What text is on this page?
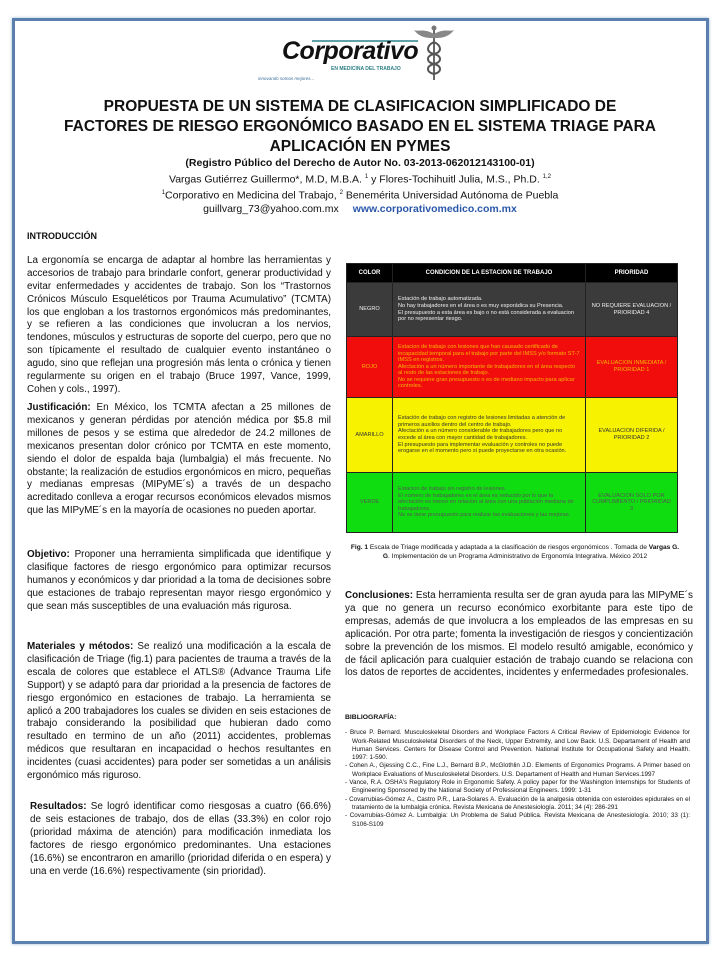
Corporativo
EN MEDICINA DEL TRABAJO
innovando somos mejores...
PROPUESTA DE UN SISTEMA DE CLASIFICACION SIMPLIFICADO DE
FACTORES DE RIESGO ERGONÓMICO BASADO EN EL SISTEMA TRIAGE PARA
APLICACIÓN EN PYMES
(Registro Público del Derecho de Autor No. 03-2013-062012143100-01)
Vargas Gutiérrez Guillermo*, M.D, M.B.A. $^1$ y Flores-Tochihuitl Julia, M.S., Ph.D. $^{1,2}$
$^1$Corporativo en Medicina del Trabajo, $^2$ Benemérita Universidad Autónoma de Puebla
guillvarg_73@yahoo.com.mx www.corporativomedico.com.mx
INTRODUCCIÓN
La ergonomía se encarga de adaptar al hombre las herramientas y accesorios de trabajo para brindarle confort, generar productividad y evitar enfermedades y accidentes de trabajo. Son los “Trastornos Crónicos Músculo Esqueléticos por Trauma Acumulativo” (TCMTA) los que engloban a los trastornos ergonómicos más predominantes, y se refieren a las condiciones que involucran a los nervios, tendones, músculos y estructuras de soporte del cuerpo, pero que no son típicamente el resultado de cualquier evento instantáneo o agudo, sino que reflejan una progresión más lenta o crónica y tienen regularmente su origen en el trabajo (Bruce 1997, Vance, 1999, Cohen y cols., 1997).
Justificación: En México, los TCMTA afectan a 25 millones de mexicanos y generan pérdidas por atención médica por $5.8 mil millones de pesos y se estima que alrededor de 24.2 millones de mexicanos presentan dolor crónico por TCMTA en este momento, siendo el dolor de espalda baja (lumbalgia) el más frecuente. No obstante; la realización de estudios ergonómicos en micro, pequeñas y medianas empresas (MIPyME´s) a través de un despacho acreditado conlleva a erogar recursos económicos elevados mismos que las MIPyME´s en la mayoría de ocasiones no pueden aportar.
Objetivo: Proponer una herramienta simplificada que identifique y clasifique factores de riesgo ergonómico para optimizar recursos humanos y económicos y dar prioridad a la toma de decisiones sobre que estaciones de trabajo representan mayor riesgo ergonómico y que sean más susceptibles de una evaluación más rigurosa.
Materiales y métodos: Se realizó una modificación a la escala de clasificación de Triage (fig.1) para pacientes de trauma a través de la escala de colores que establece el ATLS® (Advance Trauma Life Support) y se adaptó para dar prioridad a la presencia de factores de riesgo ergonómico en estaciones de trabajo. La herramienta se aplicó a 200 trabajadores los cuales se dividen en seis estaciones de trabajo considerando la posibilidad que hubieran dado como resultado en termino de un año (2011) accidentes, problemas médicos que resultaran en incapacidad o hechos resultantes en incidentes (cuasi accidentes) para poder ser sometidas a un análisis ergonómico más riguroso.
Resultados: Se logró identificar como riesgosas a cuatro (66.6%) de seis estaciones de trabajo, dos de ellas (33.3%) en color rojo (prioridad máxima de atención) para modificación inmediata los factores de riesgo ergonómico predominantes. Una estaciones (16.6%) se encontraron en amarillo (prioridad diferida o en espera) y una en verde (16.6%) respectivamente (sin prioridad).
COLOR	CONDICION DE LA ESTACION DE TRABAJO	PRIORIDAD
NEGRO	Estación de trabajo automatizada.
No hay trabajadores en el área o es muy esporádica su Presencia.
El presupuesto a esta área es bajo o no está considerada a evaluacion por no representar riesgo.	NO REQUIERE EVALUACION / PRIORIDAD 4
ROJO	Estacion de trabajo con lesiones que han causado certificado de incapacidad temporal para el trabajo por parte del IMSS y/o formato ST-7 IMSS en registros.
Afectación a un número importante de trabajadores en el área respecto al resto de las estaciones de trabajo.
No se requiere gran presupuesto o es de mediano impacto para aplicar controles.	EVALUACION INMEDIATA / PRIORIDAD 1
AMARILLO	Estación de trabajo con registro de lesiones limitadas a atención de primeros auxilios dentro del centro de trabajo.
Afectación a un número considerable de trabajadores pero que no excede al área con mayor cantidad de trabajadores.
El presupuesto para implementar evaluación y controles no puede erogarse en el momento pero si puede proyectarse en otra ocasión.	EVALUACION DIFERIDA / PRIORIDAD 2
VERDE	Estacion de trabajo sin registro de lesiones.
El número de trabajadores en el área es reducido por lo que la afectación es menor en relacion al área con una población mediana de trabajadores.
No se tiene presupuesto para realizar las evaluaciones y las mejoras.	EVALUACION SOLO POR CUMPLIMIENTO / PRIORIDAD 3
Fig. 1 Escala de Triage modificada y adaptada a la clasificación de riesgos ergonómicos . Tomada de Vargas G. G. Implementación de un Programa Administrativo de Ergonomía Integrativa. México 2012
Conclusiones: Esta herramienta resulta ser de gran ayuda para las MIPyME´s ya que no genera un recurso económico exorbitante para este tipo de empresas, además de que involucra a los empleados de las empresas en su aplicación. Por otra parte; fomenta la investigación de riesgos y concientización sobre la prevención de los mismos. El modelo resultó amigable, económico y de fácil aplicación para cualquier estación de trabajo cuando se relaciona con los datos de reportes de accidentes, incidentes y enfermedades profesionales.
BIBLIOGRAFÍA:
- Bruce P. Bernard. Musculoskeletal Disorders and Workplace Factors A Critical Review of Epidemiologic Evidence for Work-Related Musculoskeletal Disorders of the Neck, Upper Extremity, and Low Back. U.S. Departament of Health and Human Services. Centers for Disease Control and Prevention. National Institute for Occupational Safety and Health. 1997: 1-590.
- Cohen A., Gjessing C.C., Fine L.J., Bernard B.P., McGlothlin J.D. Elements of Ergonomics Programs. A Primer based on Workplace Evaluations of Musculoskeletal Disorders. U.S. Departament of Health and Human Services.1997
- Vance, R.A. OSHA's Regulatory Role in Ergonomic Safety. A policy paper for the Washington Internships for Students of Engineering Sponsored by the National Society of Professional Engineers. 1999: 1-31
- Covarrubias-Gómez A., Castro P.R., Lara-Solares A. Evaluación de la analgesia obtenida con esteroides epidurales en el tratamiento de la lumbalgia crónica. Revista Mexicana de Anestesiología. 2011; 34 (4): 286-291
- Covarrubias-Gómez A. Lumbalgia: Un Problema de Salud Pública. Revista Mexicana de Anestesiología. 2010; 33 (1): S106-S109
